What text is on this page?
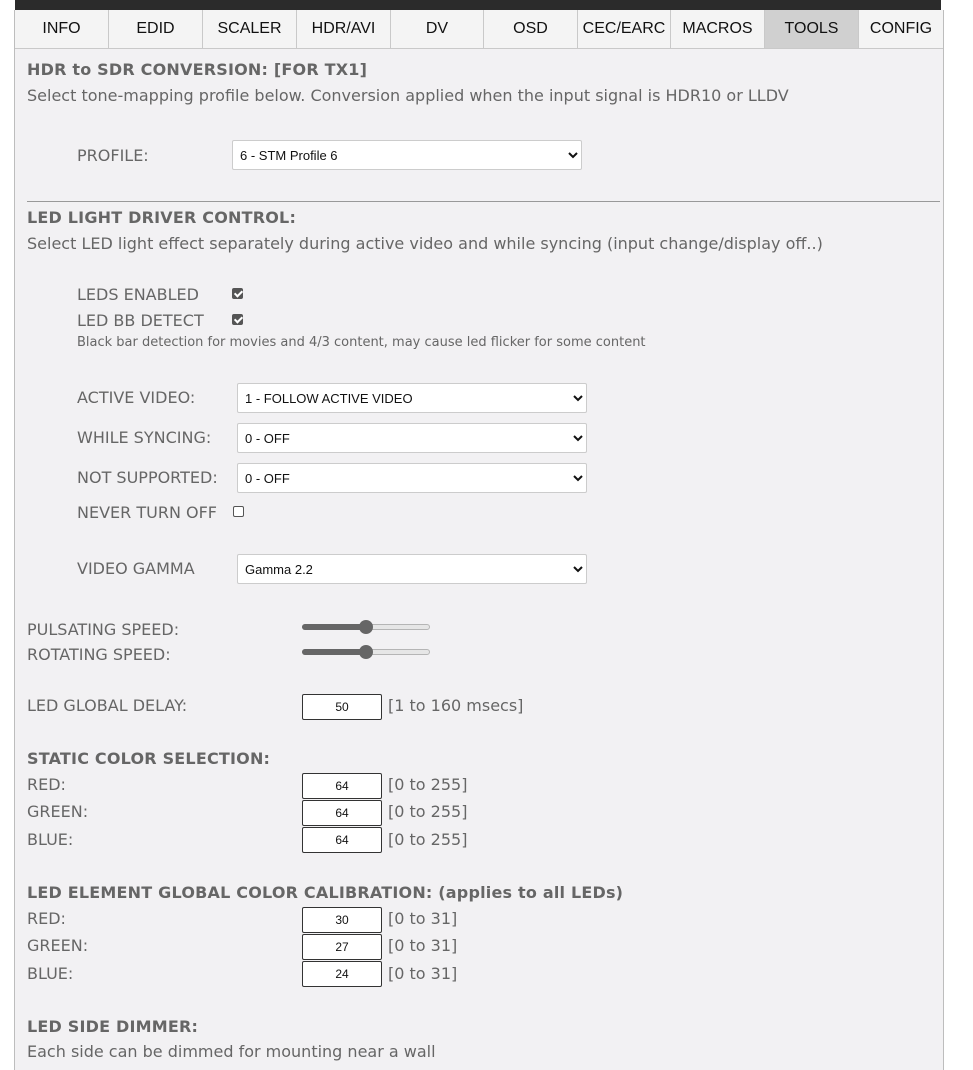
INFO	EDID	SCALER	HDR/AVI	DV	OSD	CEC/EARC	MACROS	TOOLS	CONFIG
HDR to SDR CONVERSION: [FOR TX1]
Select tone-mapping profile below. Conversion applied when the input signal is HDR10 or LLDV
PROFILE:
6 - STM Profile 6
LED LIGHT DRIVER CONTROL:
Select LED light effect separately during active video and while syncing (input change/display off..)
LEDS ENABLED
LED BB DETECT
Black bar detection for movies and 4/3 content, may cause led flicker for some content
ACTIVE VIDEO:
1 - FOLLOW ACTIVE VIDEO
WHILE SYNCING:
0 - OFF
NOT SUPPORTED:
0 - OFF
NEVER TURN OFF
VIDEO GAMMA
Gamma 2.2
PULSATING SPEED:
ROTATING SPEED:
LED GLOBAL DELAY:	50	[1 to 160 msecs]
STATIC COLOR SELECTION:
RED:	64	[0 to 255]
GREEN:	64	[0 to 255]
BLUE:	64	[0 to 255]
LED ELEMENT GLOBAL COLOR CALIBRATION: (applies to all LEDs)
RED:	30	[0 to 31]
GREEN:	27	[0 to 31]
BLUE:	24	[0 to 31]
LED SIDE DIMMER:
Each side can be dimmed for mounting near a wall
